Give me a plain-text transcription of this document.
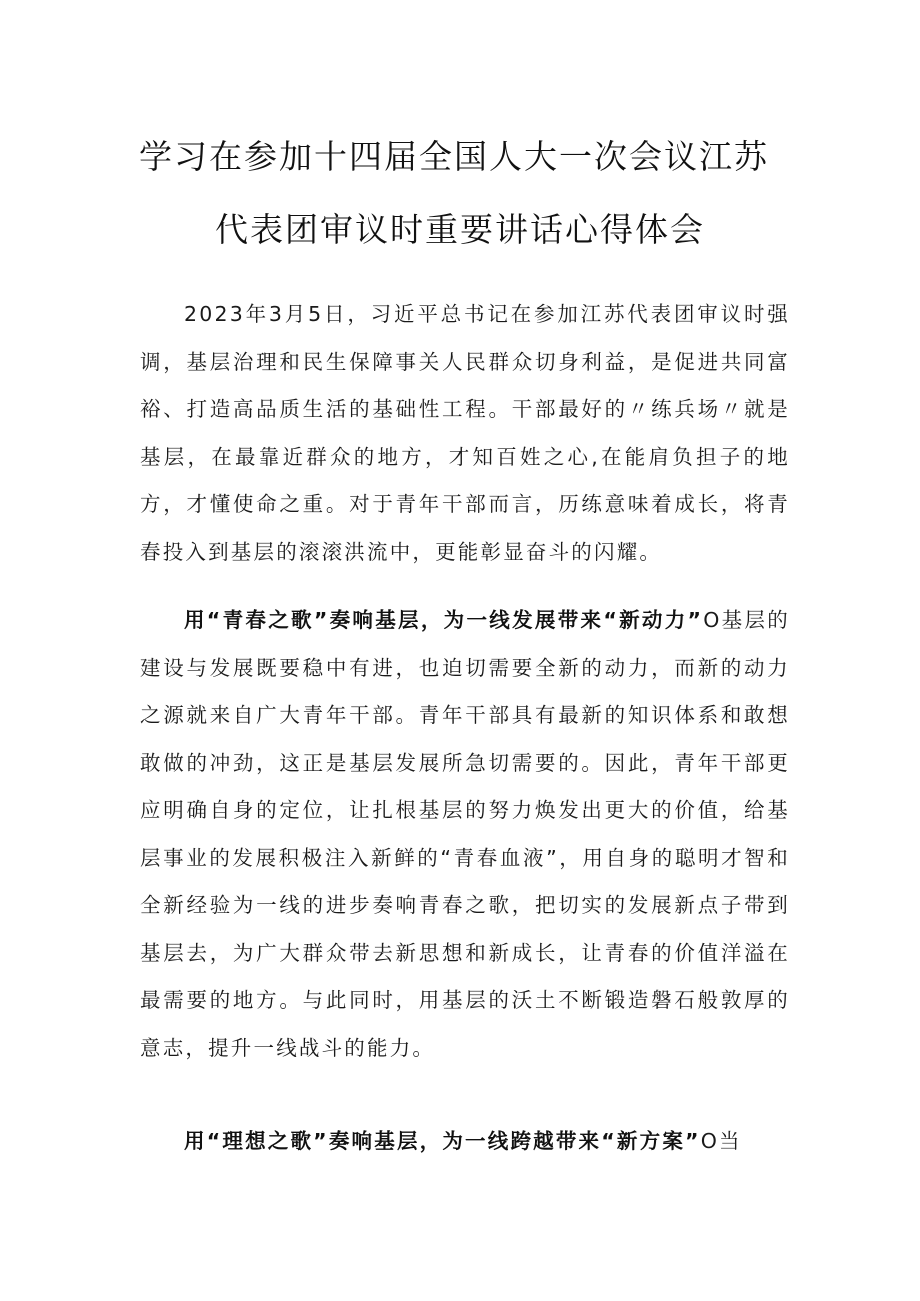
学习在参加十四届全国人大一次会议江苏
代表团审议时重要讲话心得体会

2023年3月5日，习近平总书记在参加江苏代表团审议时强调，基层治理和民生保障事关人民群众切身利益，是促进共同富裕、打造高品质生活的基础性工程。干部最好的〃练兵场〃就是基层，在最靠近群众的地方，才知百姓之心,在能肩负担子的地方，才懂使命之重。对于青年干部而言，历练意味着成长，将青春投入到基层的滚滚洪流中，更能彰显奋斗的闪耀。

用“青春之歌”奏响基层，为一线发展带来“新动力”O基层的建设与发展既要稳中有进，也迫切需要全新的动力，而新的动力之源就来自广大青年干部。青年干部具有最新的知识体系和敢想敢做的冲劲，这正是基层发展所急切需要的。因此，青年干部更应明确自身的定位，让扎根基层的努力焕发出更大的价值，给基层事业的发展积极注入新鲜的“青春血液”，用自身的聪明才智和全新经验为一线的进步奏响青春之歌，把切实的发展新点子带到基层去，为广大群众带去新思想和新成长，让青春的价值洋溢在最需要的地方。与此同时，用基层的沃土不断锻造磐石般敦厚的意志，提升一线战斗的能力。

用“理想之歌”奏响基层，为一线跨越带来“新方案”O当
